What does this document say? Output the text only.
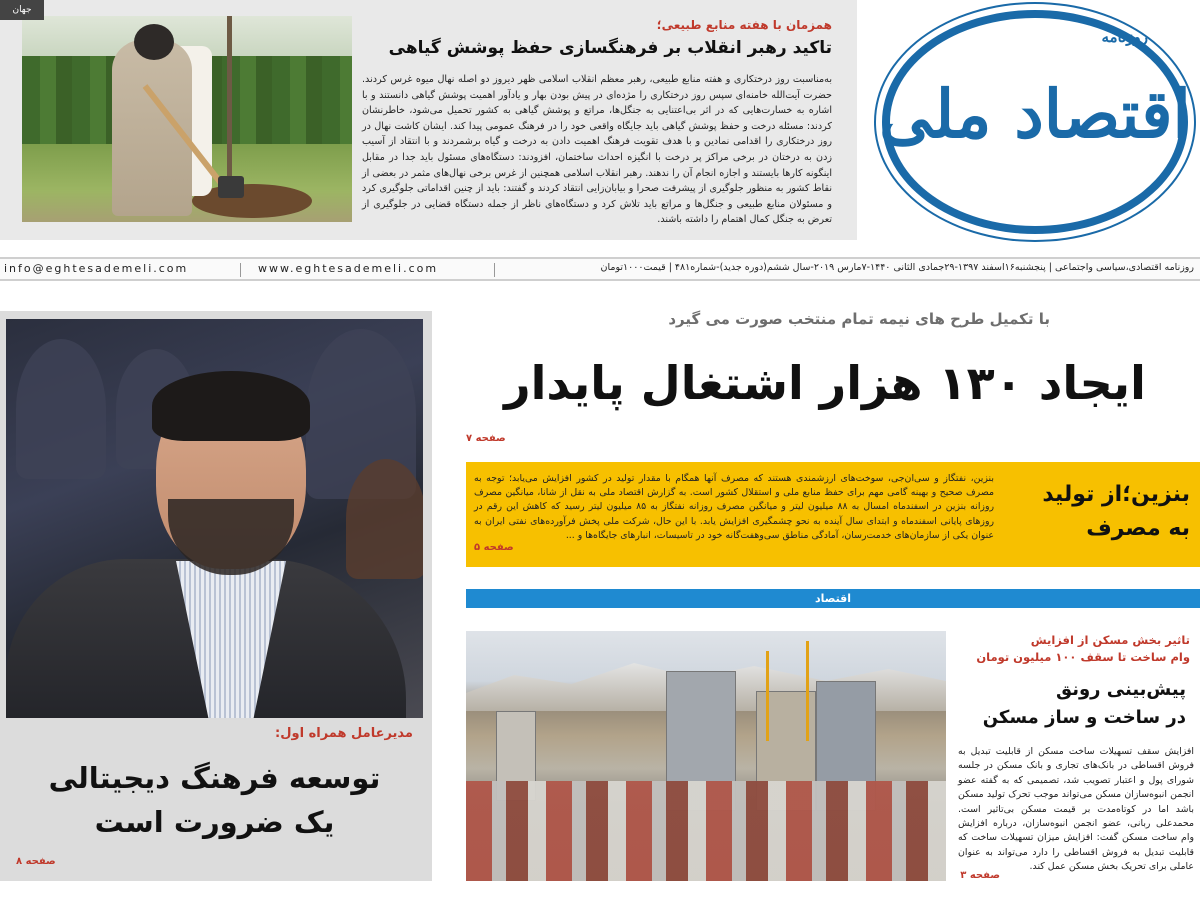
همزمان با هفته منابع طبیعی؛
تاکید رهبر انقلاب بر فرهنگسازی حفظ پوشش گیاهی
به‌مناسبت روز درختکاری و هفته منابع طبیعی، رهبر معظم انقلاب اسلامی ظهر دیروز دو اصله نهال میوه غرس کردند. حضرت آیت‌الله خامنه‌ای سپس روز درختکاری را مژده‌ای در پیش بودن بهار و یادآور اهمیت پوشش گیاهی دانستند و با اشاره به خسارت‌هایی که در اثر بی‌اعتنایی به جنگل‌ها، مراتع و پوشش گیاهی به کشور تحمیل می‌شود، خاطرنشان کردند: مسئله درخت و حفظ پوشش گیاهی باید جایگاه واقعی خود را در فرهنگ عمومی پیدا کند. ایشان کاشت نهال در روز درختکاری را اقدامی نمادین و با هدف تقویت فرهنگ اهمیت دادن به درخت و گیاه برشمردند و با انتقاد از آسیب زدن به درختان در برخی مراکز پر درخت با انگیزه احداث ساختمان، افزودند: دستگاه‌های مسئول باید جدا در مقابل اینگونه کارها بایستند و اجازه انجام آن را ندهند. رهبر انقلاب اسلامی همچنین از غرس برخی نهال‌های مثمر در بعضی از نقاط کشور به منظور جلوگیری از پیشرفت صحرا و بیابان‌زایی انتقاد کردند و گفتند: باید از چنین اقداماتی جلوگیری کرد و مسئولان منابع طبیعی و جنگل‌ها و مراتع باید تلاش کرد و دستگاه‌های ناظر از جمله دستگاه قضایی در جلوگیری از تعرض به جنگل کمال اهتمام را داشته باشند.
روزنامه
اقتصاد ملی
جهان
روزنامه اقتصادی،سیاسی واجتماعی | پنجشنبه۱۶اسفند ۱۳۹۷-۲۹جمادی الثانی ۱۴۴۰-۷مارس ۲۰۱۹-سال ششم(دوره جدید)-شماره۴۸۱ | قیمت۱۰۰۰تومان
www.eghtesademeli.com
info@eghtesademeli.com
مدیرعامل همراه اول:
توسعه فرهنگ دیجیتالی
یک ضرورت است
صفحه ۸
با تکمیل طرح های نیمه تمام منتخب صورت می گیرد
ایجاد ۱۳۰ هزار اشتغال پایدار
صفحه ۷
بنزین؛از تولید
به مصرف
بنزین، نفتگاز و سی‌ان‌جی، سوخت‌های ارزشمندی هستند که مصرف آنها همگام با مقدار تولید در کشور افزایش می‌یابد؛ توجه به مصرف صحیح و بهینه گامی مهم برای حفظ منابع ملی و استقلال کشور است. به گزارش اقتصاد ملی به نقل از شانا، میانگین مصرف روزانه بنزین در اسفندماه امسال به ۸۸ میلیون لیتر و میانگین مصرف روزانه نفتگاز به ۸۵ میلیون لیتر رسید که کاهش این رقم در روزهای پایانی اسفندماه و ابتدای سال آینده به نحو چشمگیری افزایش یابد. با این حال، شرکت ملی پخش فرآورده‌های نفتی ایران به عنوان یکی از سازمان‌های خدمت‌رسان، آمادگی مناطق سی‌وهفت‌گانه خود در تاسیسات، انبارهای جایگاه‌ها و ...
صفحه ۵
اقتصاد
تاثیر بخش مسکن از افزایش
وام ساخت تا سقف ۱۰۰ میلیون تومان
پیش‌بینی رونق
در ساخت و ساز مسکن
افزایش سقف تسهیلات ساخت مسکن از قابلیت تبدیل به فروش اقساطی در بانک‌های تجاری و بانک مسکن در جلسه شورای پول و اعتبار تصویب شد، تصمیمی که به گفته عضو انجمن انبوه‌سازان مسکن می‌تواند موجب تحرک تولید مسکن باشد اما در کوتاه‌مدت بر قیمت مسکن بی‌تاثیر است. محمدعلی ربانی، عضو انجمن انبوه‌سازان، درباره افزایش وام ساخت مسکن گفت: افزایش میزان تسهیلات ساخت که قابلیت تبدیل به فروش اقساطی را دارد می‌تواند به عنوان عاملی برای تحریک بخش مسکن عمل کند.
صفحه ۳
